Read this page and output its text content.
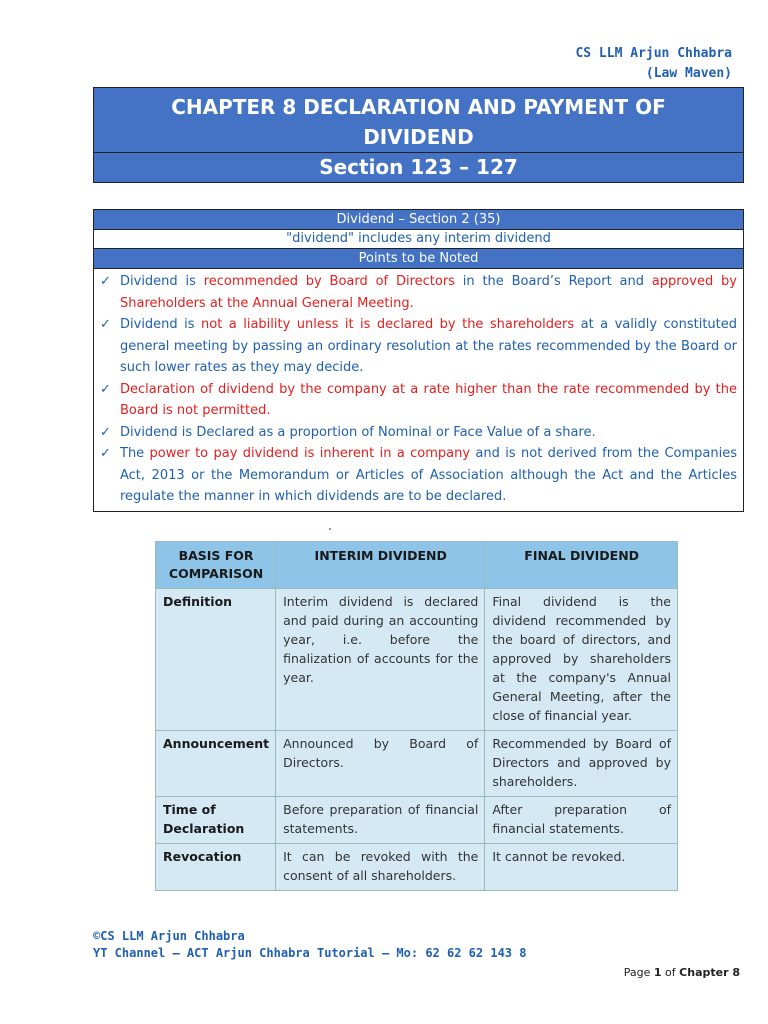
CS LLM Arjun Chhabra
(Law Maven)
CHAPTER 8 DECLARATION AND PAYMENT OF
DIVIDEND
Section 123 – 127
Dividend – Section 2 (35)
"dividend" includes any interim dividend
Points to be Noted
✓ Dividend is recommended by Board of Directors in the Board’s Report and approved by Shareholders at the Annual General Meeting.
✓ Dividend is not a liability unless it is declared by the shareholders at a validly constituted general meeting by passing an ordinary resolution at the rates recommended by the Board or such lower rates as they may decide.
✓ Declaration of dividend by the company at a rate higher than the rate recommended by the Board is not permitted.
✓ Dividend is Declared as a proportion of Nominal or Face Value of a share.
✓ The power to pay dividend is inherent in a company and is not derived from the Companies Act, 2013 or the Memorandum or Articles of Association although the Act and the Articles regulate the manner in which dividends are to be declared.
BASIS FOR COMPARISON	INTERIM DIVIDEND	FINAL DIVIDEND
Definition	Interim dividend is declared and paid during an accounting year, i.e. before the finalization of accounts for the year.	Final dividend is the dividend recommended by the board of directors, and approved by shareholders at the company's Annual General Meeting, after the close of financial year.
Announcement	Announced by Board of Directors.	Recommended by Board of Directors and approved by shareholders.
Time of Declaration	Before preparation of financial statements.	After preparation of financial statements.
Revocation	It can be revoked with the consent of all shareholders.	It cannot be revoked.
©CS LLM Arjun Chhabra
YT Channel – ACT Arjun Chhabra Tutorial – Mo: 62 62 62 143 8
Page 1 of Chapter 8
